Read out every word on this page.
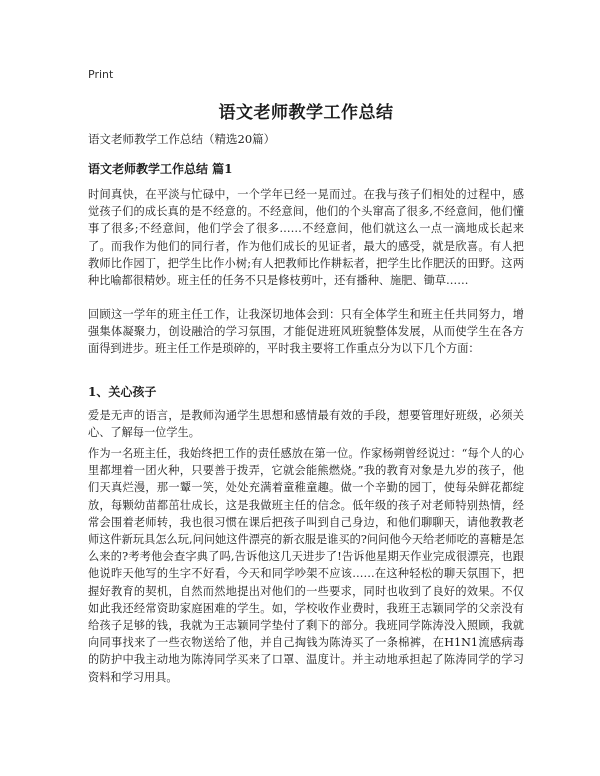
Print
语文老师教学工作总结
语文老师教学工作总结（精选20篇）
语文老师教学工作总结 篇1
时间真快，在平淡与忙碌中，一个学年已经一晃而过。在我与孩子们相处的过程中，感觉孩子们的成长真的是不经意的。不经意间，他们的个头窜高了很多,不经意间，他们懂事了很多;不经意间，他们学会了很多……不经意间，他们就这么一点一滴地成长起来了。而我作为他们的同行者，作为他们成长的见证者，最大的感受，就是欣喜。有人把教师比作园丁，把学生比作小树;有人把教师比作耕耘者，把学生比作肥沃的田野。这两种比喻都很精妙。班主任的任务不只是修枝剪叶，还有播种、施肥、锄草……
回顾这一学年的班主任工作，让我深切地体会到：只有全体学生和班主任共同努力，增强集体凝聚力，创设融洽的学习氛围，才能促进班风班貌整体发展，从而使学生在各方面得到进步。班主任工作是琐碎的，平时我主要将工作重点分为以下几个方面：
1、关心孩子
爱是无声的语言，是教师沟通学生思想和感情最有效的手段，想要管理好班级，必须关心、了解每一位学生。
作为一名班主任，我始终把工作的责任感放在第一位。作家杨朔曾经说过：“每个人的心里都埋着一团火种，只要善于拨弄，它就会能熊燃烧。”我的教育对象是九岁的孩子，他们天真烂漫，那一颦一笑，处处充满着童稚童趣。做一个辛勤的园丁，使每朵鲜花都绽放，每颗幼苗都茁壮成长，这是我做班主任的信念。低年级的孩子对老师特别热情，经常会围着老师转，我也很习惯在课后把孩子叫到自己身边，和他们聊聊天，请他教教老师这件新玩具怎么玩,问问她这件漂亮的新衣服是谁买的?问问他今天给老师吃的喜糖是怎么来的?考考他会查字典了吗,告诉他这几天进步了!告诉他星期天作业完成很漂亮，也跟他说昨天他写的生字不好看，今天和同学吵架不应该……在这种轻松的聊天氛围下，把握好教育的契机，自然而然地提出对他们的一些要求，同时也收到了良好的效果。不仅如此我还经常资助家庭困难的学生。如，学校收作业费时，我班王志颖同学的父亲没有给孩子足够的钱，我就为王志颖同学垫付了剩下的部分。我班同学陈涛没入照顾，我就向同事找来了一些衣物送给了他，并自己掏钱为陈涛买了一条棉裤，在H1N1流感病毒的防护中我主动地为陈涛同学买来了口罩、温度计。并主动地承担起了陈涛同学的学习资料和学习用具。
